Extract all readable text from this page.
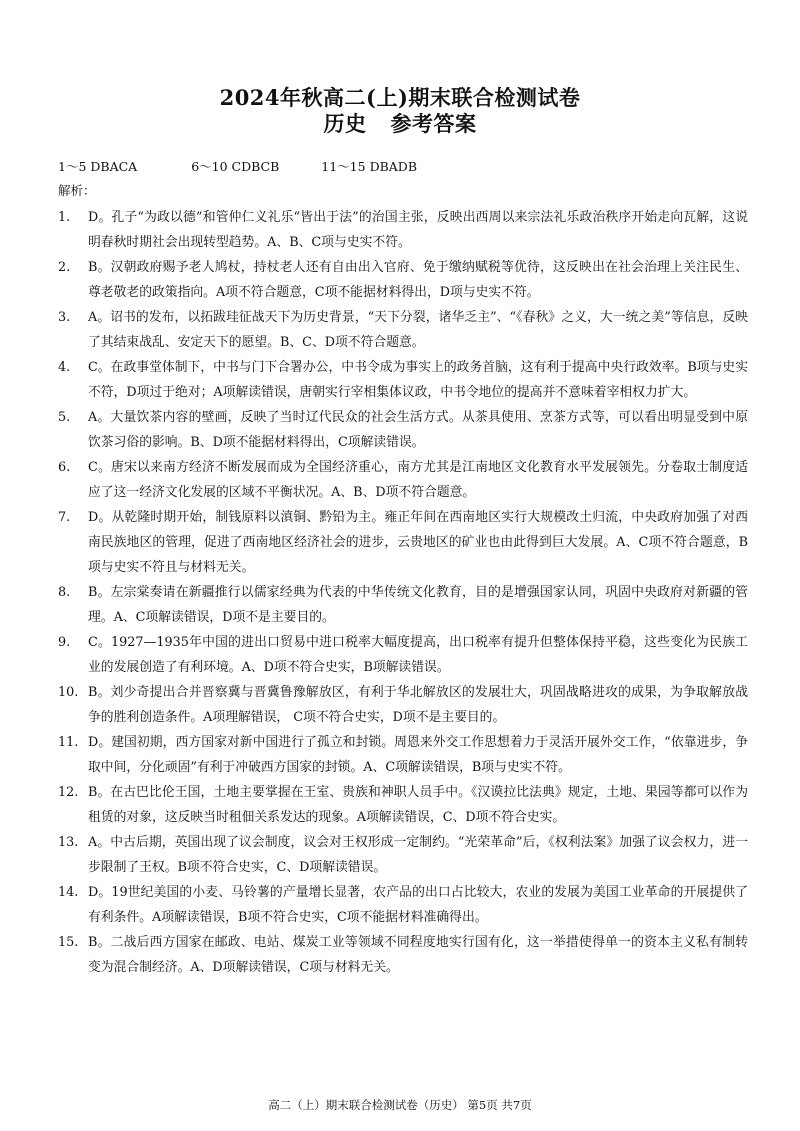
2024年秋高二(上)期末联合检测试卷
历史 参考答案
1～5 DBACA	6～10 CDBCB	11～15 DBADB
解析：
1. D。孔子“为政以德”和管仲仁义礼乐“皆出于法”的治国主张，反映出西周以来宗法礼乐政治秩序开始走向瓦解，这说明春秋时期社会出现转型趋势。A、B、C项与史实不符。
2. B。汉朝政府赐予老人鸠杖，持杖老人还有自由出入官府、免于缴纳赋税等优待，这反映出在社会治理上关注民生、尊老敬老的政策指向。A项不符合题意，C项不能据材料得出，D项与史实不符。
3. A。诏书的发布，以拓跋珪征战天下为历史背景，“天下分裂，诸华乏主”、“《春秋》之义，大一统之美”等信息，反映了其结束战乱、安定天下的愿望。B、C、D项不符合题意。
4. C。在政事堂体制下，中书与门下合署办公，中书令成为事实上的政务首脑，这有利于提高中央行政效率。B项与史实不符，D项过于绝对；A项解读错误，唐朝实行宰相集体议政，中书令地位的提高并不意味着宰相权力扩大。
5. A。大量饮茶内容的壁画，反映了当时辽代民众的社会生活方式。从茶具使用、烹茶方式等，可以看出明显受到中原饮茶习俗的影响。B、D项不能据材料得出，C项解读错误。
6. C。唐宋以来南方经济不断发展而成为全国经济重心，南方尤其是江南地区文化教育水平发展领先。分卷取士制度适应了这一经济文化发展的区域不平衡状况。A、B、D项不符合题意。
7. D。从乾隆时期开始，制钱原料以滇铜、黔铅为主。雍正年间在西南地区实行大规模改土归流，中央政府加强了对西南民族地区的管理，促进了西南地区经济社会的进步，云贵地区的矿业也由此得到巨大发展。A、C项不符合题意，B项与史实不符且与材料无关。
8. B。左宗棠奏请在新疆推行以儒家经典为代表的中华传统文化教育，目的是增强国家认同，巩固中央政府对新疆的管理。A、C项解读错误，D项不是主要目的。
9. C。1927—1935年中国的进出口贸易中进口税率大幅度提高，出口税率有提升但整体保持平稳，这些变化为民族工业的发展创造了有利环境。A、D项不符合史实，B项解读错误。
10. B。刘少奇提出合并晋察冀与晋冀鲁豫解放区，有利于华北解放区的发展壮大，巩固战略进攻的成果，为争取解放战争的胜利创造条件。A项理解错误， C项不符合史实，D项不是主要目的。
11. D。建国初期，西方国家对新中国进行了孤立和封锁。周恩来外交工作思想着力于灵活开展外交工作，“依靠进步，争取中间，分化顽固”有利于冲破西方国家的封锁。A、C项解读错误，B项与史实不符。
12. B。在古巴比伦王国，土地主要掌握在王室、贵族和神职人员手中。《汉谟拉比法典》规定，土地、果园等都可以作为租赁的对象，这反映当时租佃关系发达的现象。A项解读错误，C、D项不符合史实。
13. A。中古后期，英国出现了议会制度，议会对王权形成一定制约。“光荣革命”后，《权利法案》加强了议会权力，进一步限制了王权。B项不符合史实，C、D项解读错误。
14. D。19世纪美国的小麦、马铃薯的产量增长显著，农产品的出口占比较大，农业的发展为美国工业革命的开展提供了有利条件。A项解读错误，B项不符合史实，C项不能据材料准确得出。
15. B。二战后西方国家在邮政、电站、煤炭工业等领域不同程度地实行国有化，这一举措使得单一的资本主义私有制转变为混合制经济。A、D项解读错误，C项与材料无关。
高二（上）期末联合检测试卷（历史） 第5页 共7页
